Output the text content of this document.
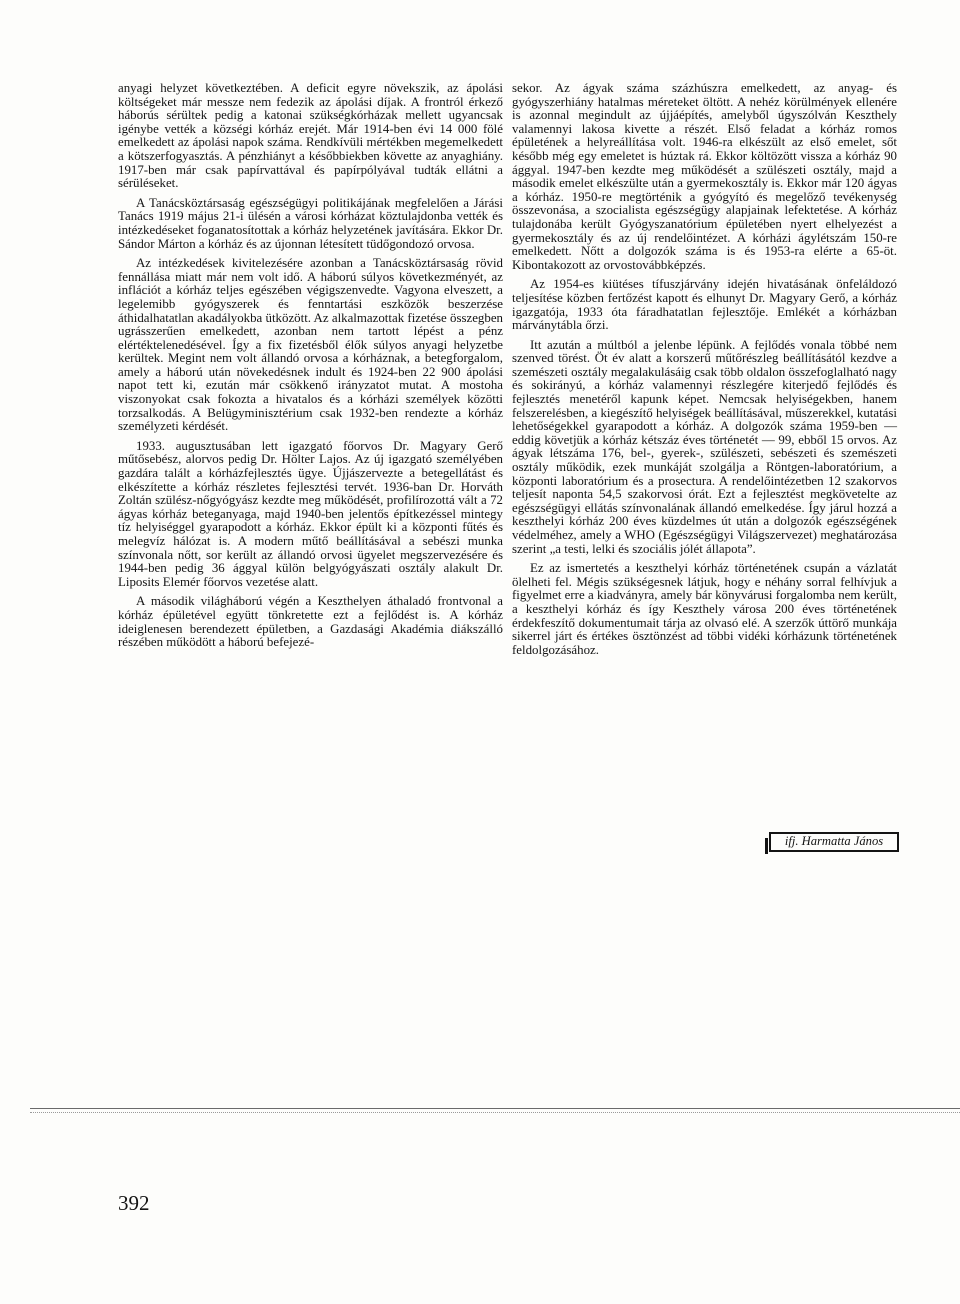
anyagi helyzet következtében. A deficit egyre növekszik, az ápolási költségeket már messze nem fedezik az ápolási díjak. A frontról érkező háborús sérültek pedig a katonai szükségkórházak mellett ugyancsak igénybe vették a községi kórház erejét. Már 1914-ben évi 14 000 fölé emelkedett az ápolási napok száma. Rendkívüli mértékben megemelkedett a kötszerfogyasztás. A pénzhiányt a későbbiekben követte az anyaghiány. 1917-ben már csak papírvattával és papírpólyával tudták ellátni a sérüléseket.

A Tanácsköztársaság egészségügyi politikájának megfelelően a Járási Tanács 1919 május 21-i ülésén a városi kórházat köztulajdonba vették és intézkedéseket foganatosítottak a kórház helyzetének javítására. Ekkor Dr. Sándor Márton a kórház és az újonnan létesített tüdőgondozó orvosa.

Az intézkedések kivitelezésére azonban a Tanácsköztársaság rövid fennállása miatt már nem volt idő. A háború súlyos következményét, az inflációt a kórház teljes egészében végigszenvedte. Vagyona elveszett, a legelemibb gyógyszerek és fenntartási eszközök beszerzése áthidalhatatlan akadályokba ütközött. Az alkalmazottak fizetése összegben ugrásszerűen emelkedett, azonban nem tartott lépést a pénz elértéktelenedésével. Így a fix fizetésből élők súlyos anyagi helyzetbe kerültek. Megint nem volt állandó orvosa a kórháznak, a betegforgalom, amely a háború után növekedésnek indult és 1924-ben 22 900 ápolási napot tett ki, ezután már csökkenő irányzatot mutat. A mostoha viszonyokat csak fokozta a hivatalos és a kórházi személyek közötti torzsalkodás. A Belügyminisztérium csak 1932-ben rendezte a kórház személyzeti kérdését.

1933. augusztusában lett igazgató főorvos Dr. Magyary Gerő műtősebész, alorvos pedig Dr. Hölter Lajos. Az új igazgató személyében gazdára talált a kórházfejlesztés ügye. Újjászervezte a betegellátást és elkészítette a kórház részletes fejlesztési tervét. 1936-ban Dr. Horváth Zoltán szülész-nőgyógyász kezdte meg működését, profilírozottá vált a 72 ágyas kórház beteganyaga, majd 1940-ben jelentős építkezéssel mintegy tíz helyiséggel gyarapodott a kórház. Ekkor épült ki a központi fűtés és melegvíz hálózat is. A modern műtő beállításával a sebészi munka színvonala nőtt, sor került az állandó orvosi ügyelet megszervezésére és 1944-ben pedig 36 ággyal külön belgyógyászati osztály alakult Dr. Liposits Elemér főorvos vezetése alatt.

A második világháború végén a Keszthelyen áthaladó frontvonal a kórház épületével együtt tönkretette ezt a fejlődést is. A kórház ideiglenesen berendezett épületben, a Gazdasági Akadémia diákszálló részében működött a háború befejezé-

sekor. Az ágyak száma százhúszra emelkedett, az anyag- és gyógyszerhiány hatalmas méreteket öltött. A nehéz körülmények ellenére is azonnal megindult az újjáépítés, amelyből úgyszólván Keszthely valamennyi lakosa kivette a részét. Első feladat a kórház romos épületének a helyreállítása volt. 1946-ra elkészült az első emelet, sőt később még egy emeletet is húztak rá. Ekkor költözött vissza a kórház 90 ággyal. 1947-ben kezdte meg működését a szülészeti osztály, majd a második emelet elkészülte után a gyermekosztály is. Ekkor már 120 ágyas a kórház. 1950-re megtörténik a gyógyító és megelőző tevékenység összevonása, a szocialista egészségügy alapjainak lefektetése. A kórház tulajdonába került Gyógyszanatórium épületében nyert elhelyezést a gyermekosztály és az új rendelőintézet. A kórházi ágylétszám 150-re emelkedett. Nőtt a dolgozók száma is és 1953-ra elérte a 65-öt. Kibontakozott az orvostovábbképzés.

Az 1954-es kiütéses tífuszjárvány idején hivatásának önfeláldozó teljesítése közben fertőzést kapott és elhunyt Dr. Magyary Gerő, a kórház igazgatója, 1933 óta fáradhatatlan fejlesztője. Emlékét a kórházban márványtábla őrzi.

Itt azután a múltból a jelenbe lépünk. A fejlődés vonala többé nem szenved törést. Öt év alatt a korszerű műtőrészleg beállításától kezdve a szemészeti osztály megalakulásáig csak több oldalon összefoglalható nagy és sokirányú, a kórház valamennyi részlegére kiterjedő fejlődés és fejlesztés menetéről kapunk képet. Nemcsak helyiségekben, hanem felszerelésben, a kiegészítő helyiségek beállításával, műszerekkel, kutatási lehetőségekkel gyarapodott a kórház. A dolgozók száma 1959-ben — eddig követjük a kórház kétszáz éves történetét — 99, ebből 15 orvos. Az ágyak létszáma 176, bel-, gyerek-, szülészeti, sebészeti és szemészeti osztály működik, ezek munkáját szolgálja a Röntgen-laboratórium, a központi laboratórium és a prosectura. A rendelőintézetben 12 szakorvos teljesít naponta 54,5 szakorvosi órát. Ezt a fejlesztést megkövetelte az egészségügyi ellátás színvonalának állandó emelkedése. Így járul hozzá a keszthelyi kórház 200 éves küzdelmes út után a dolgozók egészségének védelméhez, amely a WHO (Egészségügyi Világszervezet) meghatározása szerint „a testi, lelki és szociális jólét állapota”.

Ez az ismertetés a keszthelyi kórház történetének csupán a vázlatát ölelheti fel. Mégis szükségesnek látjuk, hogy e néhány sorral felhívjuk a figyelmet erre a kiadványra, amely bár könyvárusi forgalomba nem került, a keszthelyi kórház és így Keszthely városa 200 éves történetének érdekfeszítő dokumentumait tárja az olvasó elé. A szerzők úttörő munkája sikerrel járt és értékes ösztönzést ad többi vidéki kórházunk történetének feldolgozásához.

ifj. Harmatta János
392
